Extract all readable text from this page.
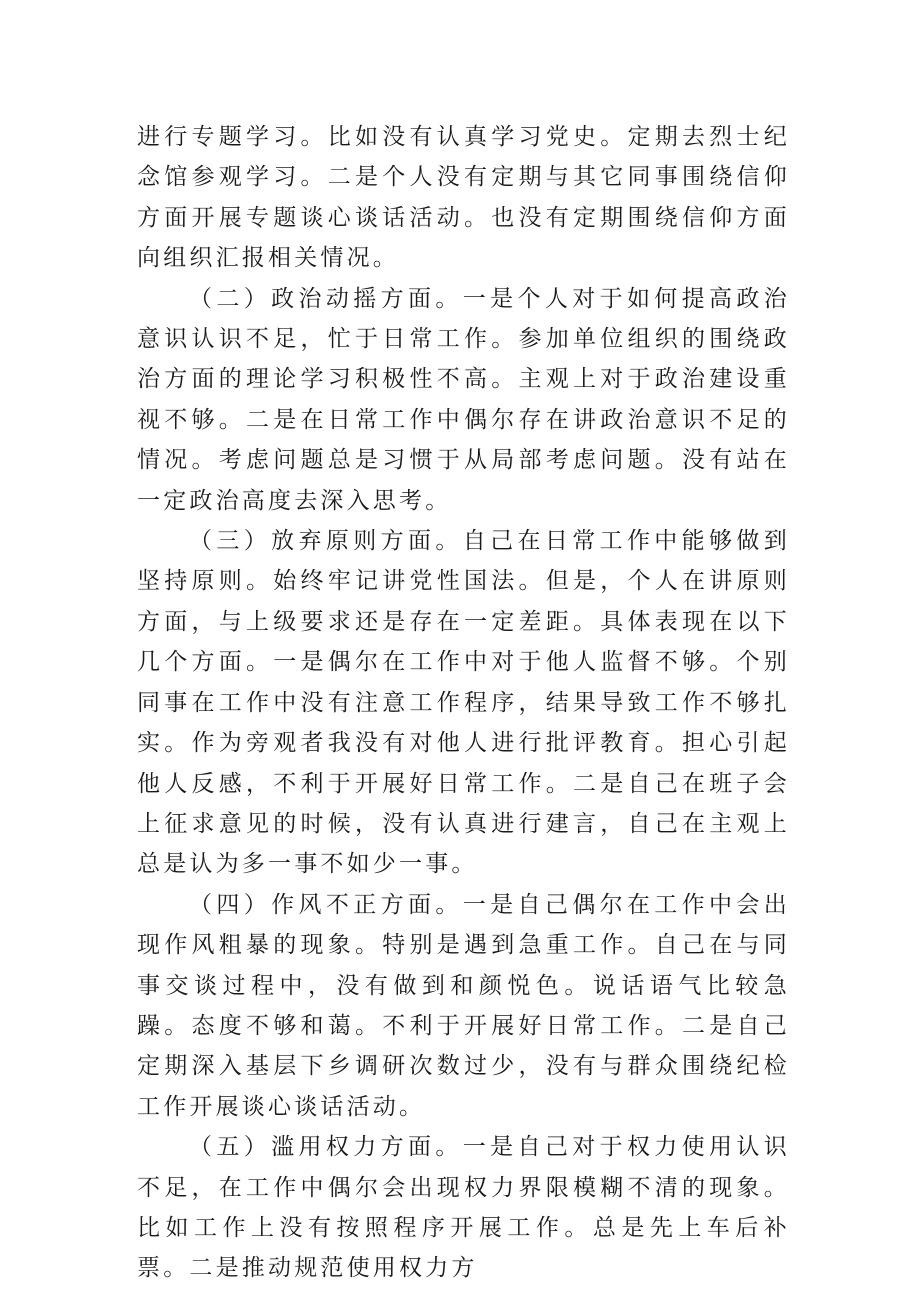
进行专题学习。比如没有认真学习党史。定期去烈士纪念馆参观学习。二是个人没有定期与其它同事围绕信仰方面开展专题谈心谈话活动。也没有定期围绕信仰方面向组织汇报相关情况。

（二）政治动摇方面。一是个人对于如何提高政治意识认识不足，忙于日常工作。参加单位组织的围绕政治方面的理论学习积极性不高。主观上对于政治建设重视不够。二是在日常工作中偶尔存在讲政治意识不足的情况。考虑问题总是习惯于从局部考虑问题。没有站在一定政治高度去深入思考。

（三）放弃原则方面。自己在日常工作中能够做到坚持原则。始终牢记讲党性国法。但是，个人在讲原则方面，与上级要求还是存在一定差距。具体表现在以下几个方面。一是偶尔在工作中对于他人监督不够。个别同事在工作中没有注意工作程序，结果导致工作不够扎实。作为旁观者我没有对他人进行批评教育。担心引起他人反感，不利于开展好日常工作。二是自己在班子会上征求意见的时候，没有认真进行建言，自己在主观上总是认为多一事不如少一事。

（四）作风不正方面。一是自己偶尔在工作中会出现作风粗暴的现象。特别是遇到急重工作。自己在与同事交谈过程中，没有做到和颜悦色。说话语气比较急躁。态度不够和蔼。不利于开展好日常工作。二是自己定期深入基层下乡调研次数过少，没有与群众围绕纪检工作开展谈心谈话活动。

（五）滥用权力方面。一是自己对于权力使用认识不足，在工作中偶尔会出现权力界限模糊不清的现象。比如工作上没有按照程序开展工作。总是先上车后补票。二是推动规范使用权力方
